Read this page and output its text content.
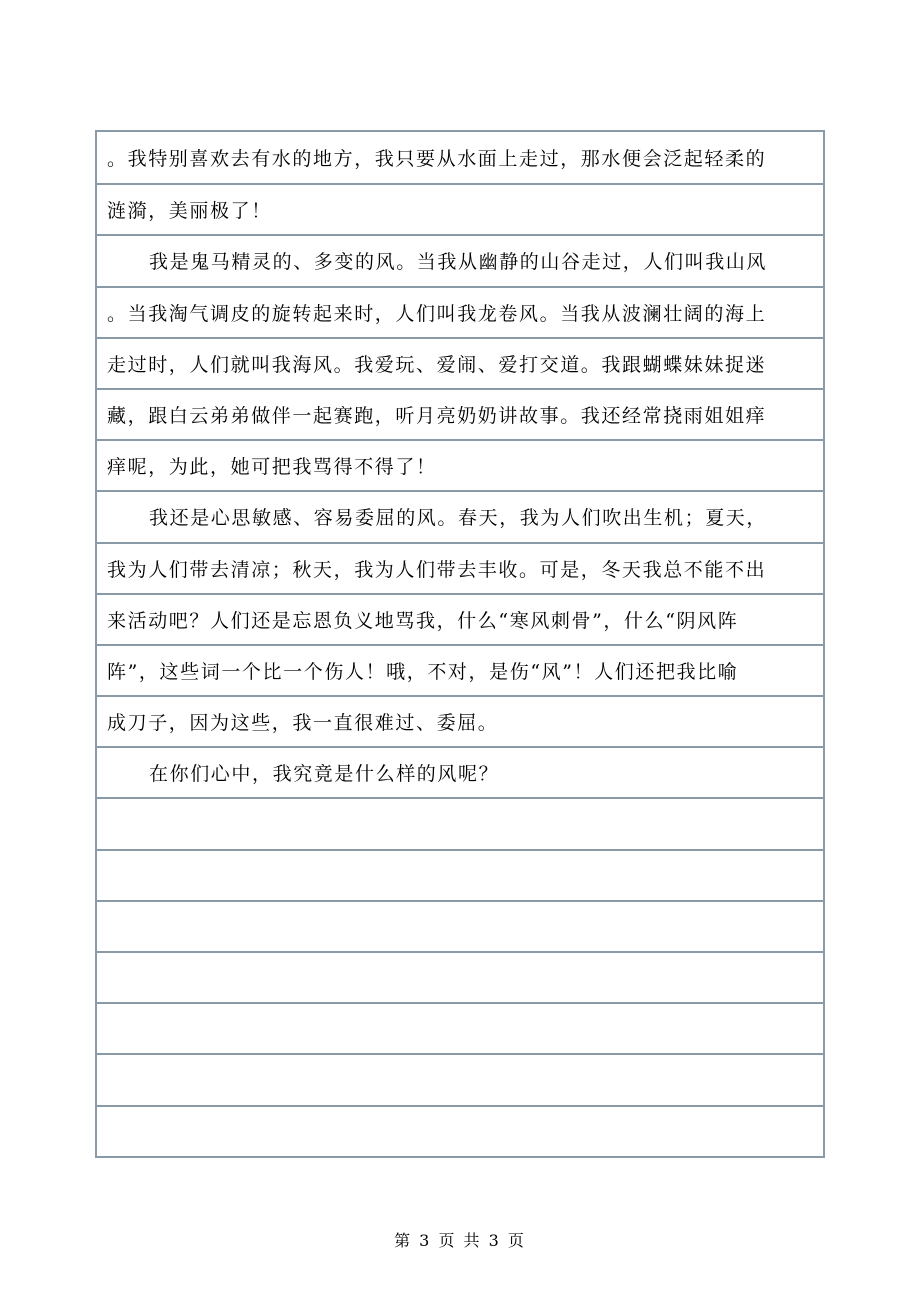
。我特别喜欢去有水的地方，我只要从水面上走过，那水便会泛起轻柔的
涟漪，美丽极了！
我是鬼马精灵的、多变的风。当我从幽静的山谷走过，人们叫我山风
。当我淘气调皮的旋转起来时，人们叫我龙卷风。当我从波澜壮阔的海上
走过时，人们就叫我海风。我爱玩、爱闹、爱打交道。我跟蝴蝶妹妹捉迷
藏，跟白云弟弟做伴一起赛跑，听月亮奶奶讲故事。我还经常挠雨姐姐痒
痒呢，为此，她可把我骂得不得了！
我还是心思敏感、容易委屈的风。春天，我为人们吹出生机；夏天，
我为人们带去清凉；秋天，我为人们带去丰收。可是，冬天我总不能不出
来活动吧？人们还是忘恩负义地骂我，什么“寒风刺骨”，什么“阴风阵
阵”，这些词一个比一个伤人！哦，不对，是伤“风”！人们还把我比喻
成刀子，因为这些，我一直很难过、委屈。
在你们心中，我究竟是什么样的风呢？
第 3 页 共 3 页
